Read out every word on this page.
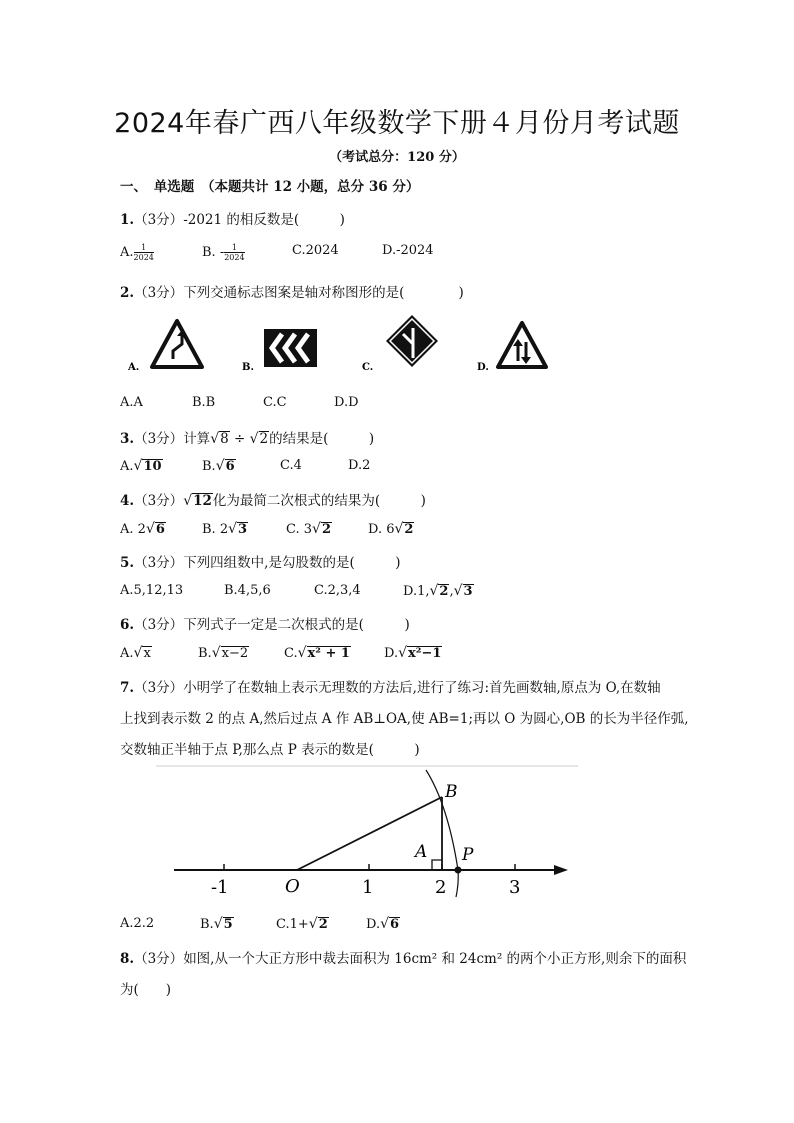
2024年春广西八年级数学下册４月份月考试题
（考试总分：120 分）
一、　单选题　（本题共计 12 小题，总分 36 分）
1.（3分）-2021 的相反数是(　　　)
A. $\frac{1}{2024}$	B. - $\frac{1}{2024}$	C.2024	D.-2024
2.（3分）下列交通标志图案是轴对称图形的是(　　　　)
A.	B.	C.	D.
A.A	B.B	C.C	D.D
3.（3分）计算√8 ÷ √2的结果是(　　　)
A.√10	B.√6	C.4	D.2
4.（3分）√12化为最简二次根式的结果为(　　　)
A. 2√6	B. 2√3	C. 3√2	D. 6√2
5.（3分）下列四组数中,是勾股数的是(　　　)
A.5,12,13	B.4,5,6	C.2,3,4	D.1,√2,√3
6.（3分）下列式子一定是二次根式的是(　　　)
A.√x	B.√x−2	C.√x² + 1	D.√x²−1
7.（3分）小明学了在数轴上表示无理数的方法后,进行了练习:首先画数轴,原点为 O,在数轴
上找到表示数 2 的点 A,然后过点 A 作 AB⊥OA,使 AB=1;再以 O 为圆心,OB 的长为半径作弧,
交数轴正半轴于点 P,那么点 P 表示的数是(　　　)
-1	O	1	2	3
A
B
P
A.2.2	B.√5	C.1+√2	D.√6
8.（3分）如图,从一个大正方形中裁去面积为 16cm² 和 24cm² 的两个小正方形,则余下的面积
为(　　)
